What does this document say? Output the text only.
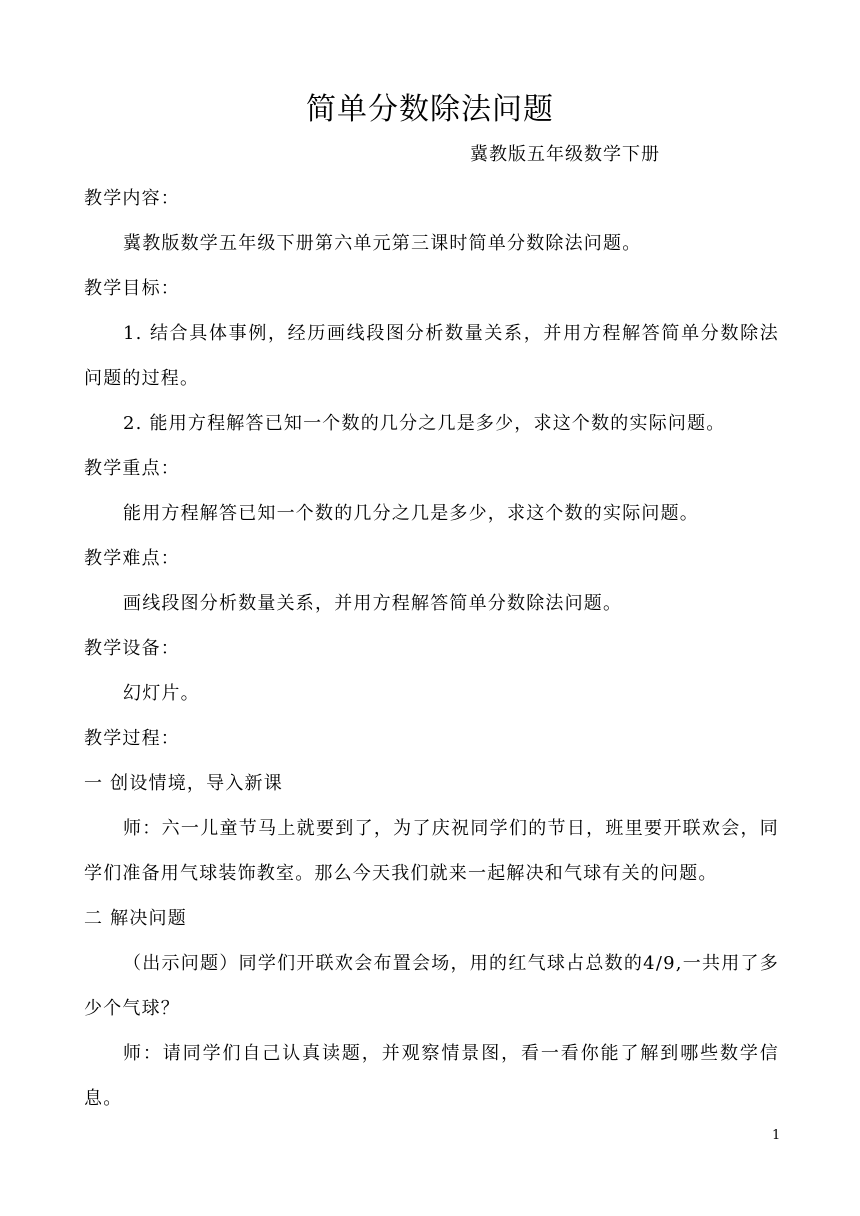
简单分数除法问题
冀教版五年级数学下册
教学内容：
冀教版数学五年级下册第六单元第三课时简单分数除法问题。
教学目标：
1. 结合具体事例，经历画线段图分析数量关系，并用方程解答简单分数除法问题的过程。
2. 能用方程解答已知一个数的几分之几是多少，求这个数的实际问题。
教学重点：
能用方程解答已知一个数的几分之几是多少，求这个数的实际问题。
教学难点：
画线段图分析数量关系，并用方程解答简单分数除法问题。
教学设备：
幻灯片。
教学过程：
一 创设情境，导入新课
师：六一儿童节马上就要到了，为了庆祝同学们的节日，班里要开联欢会，同学们准备用气球装饰教室。那么今天我们就来一起解决和气球有关的问题。
二 解决问题
（出示问题）同学们开联欢会布置会场，用的红气球占总数的4/9,一共用了多少个气球？
师：请同学们自己认真读题，并观察情景图，看一看你能了解到哪些数学信息。
1
